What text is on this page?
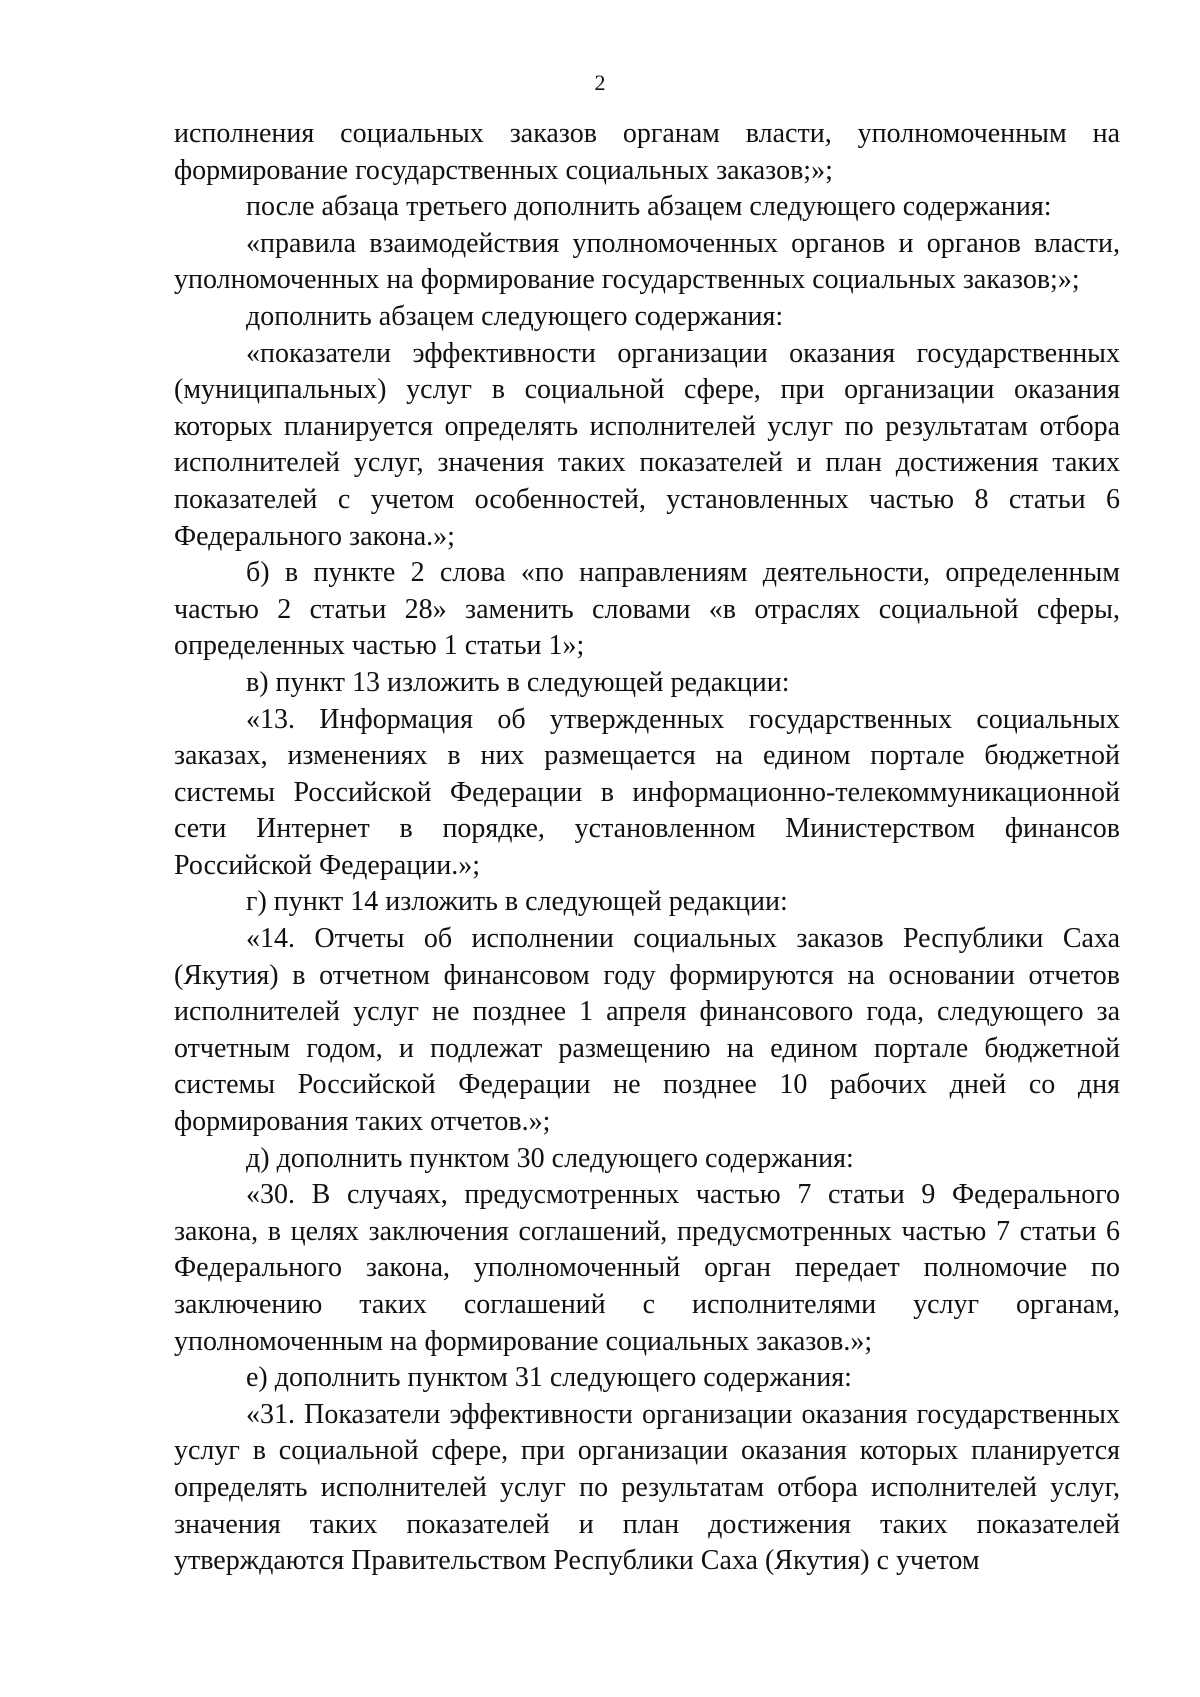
2

исполнения социальных заказов органам власти, уполномоченным на формирование государственных социальных заказов;»;

после абзаца третьего дополнить абзацем следующего содержания:

«правила взаимодействия уполномоченных органов и органов власти, уполномоченных на формирование государственных социальных заказов;»;

дополнить абзацем следующего содержания:

«показатели эффективности организации оказания государственных (муниципальных) услуг в социальной сфере, при организации оказания которых планируется определять исполнителей услуг по результатам отбора исполнителей услуг, значения таких показателей и план достижения таких показателей с учетом особенностей, установленных частью 8 статьи 6 Федерального закона.»;

б) в пункте 2 слова «по направлениям деятельности, определенным частью 2 статьи 28» заменить словами «в отраслях социальной сферы, определенных частью 1 статьи 1»;

в) пункт 13 изложить в следующей редакции:

«13. Информация об утвержденных государственных социальных заказах, изменениях в них размещается на едином портале бюджетной системы Российской Федерации в информационно-телекоммуникационной сети Интернет в порядке, установленном Министерством финансов Российской Федерации.»;

г) пункт 14 изложить в следующей редакции:

«14. Отчеты об исполнении социальных заказов Республики Саха (Якутия) в отчетном финансовом году формируются на основании отчетов исполнителей услуг не позднее 1 апреля финансового года, следующего за отчетным годом, и подлежат размещению на едином портале бюджетной системы Российской Федерации не позднее 10 рабочих дней со дня формирования таких отчетов.»;

д) дополнить пунктом 30 следующего содержания:

«30. В случаях, предусмотренных частью 7 статьи 9 Федерального закона, в целях заключения соглашений, предусмотренных частью 7 статьи 6 Федерального закона, уполномоченный орган передает полномочие по заключению таких соглашений с исполнителями услуг органам, уполномоченным на формирование социальных заказов.»;

е) дополнить пунктом 31 следующего содержания:

«31. Показатели эффективности организации оказания государственных услуг в социальной сфере, при организации оказания которых планируется определять исполнителей услуг по результатам отбора исполнителей услуг, значения таких показателей и план достижения таких показателей утверждаются Правительством Республики Саха (Якутия) с учетом
